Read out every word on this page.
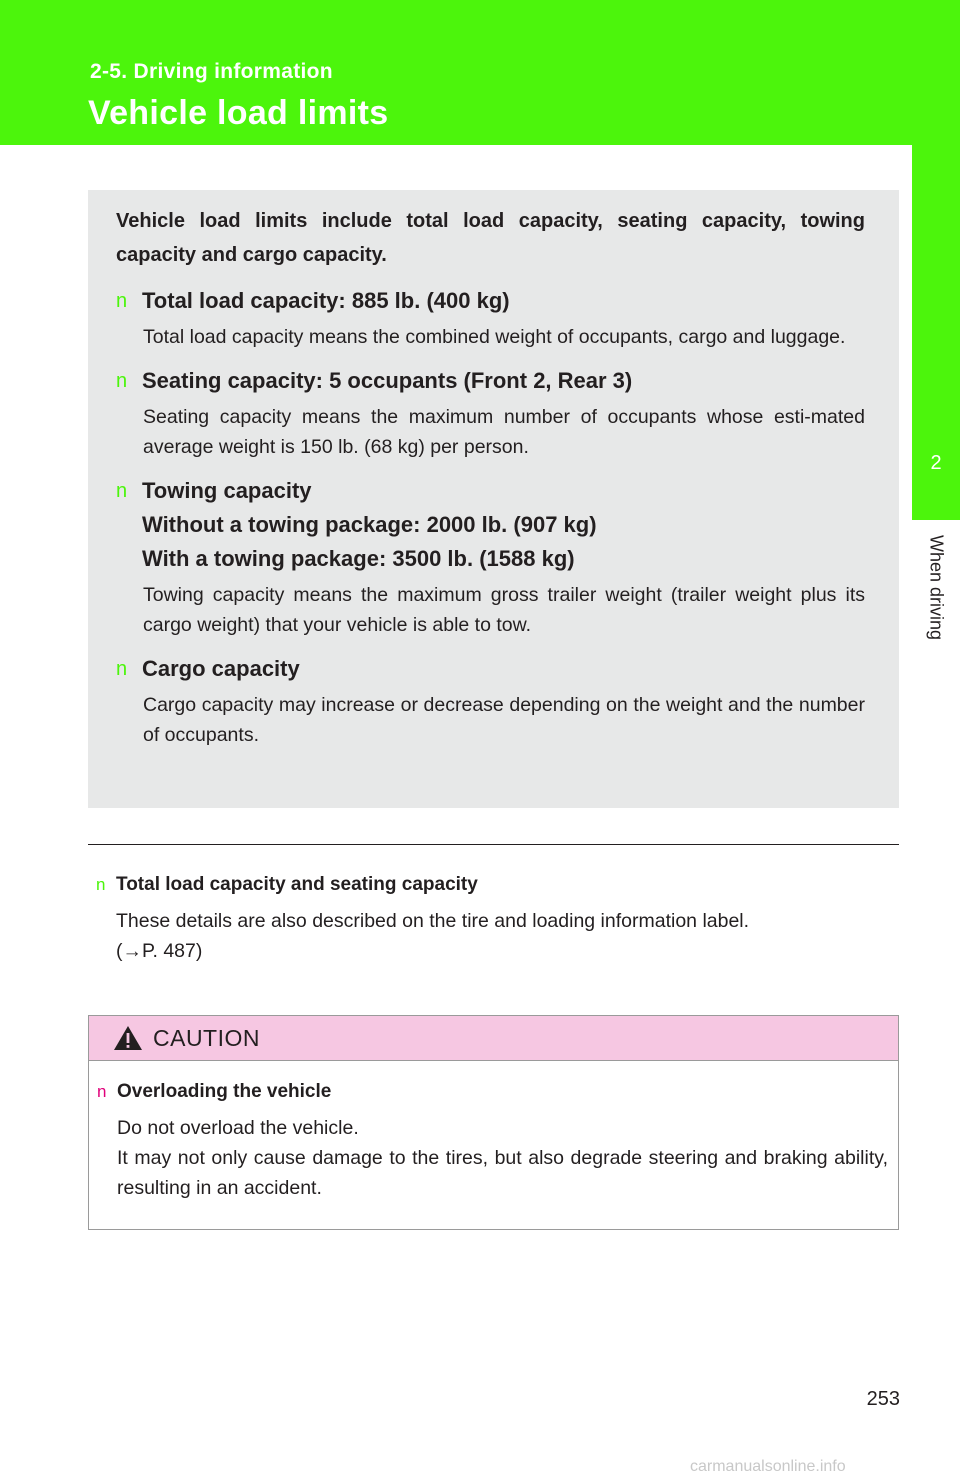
2-5. Driving information
Vehicle load limits
2
When driving

Vehicle load limits include total load capacity, seating capacity, towing capacity and cargo capacity.

n Total load capacity: 885 lb. (400 kg)

Total load capacity means the combined weight of occupants, cargo and luggage.

n Seating capacity: 5 occupants (Front 2, Rear 3)

Seating capacity means the maximum number of occupants whose esti-mated average weight is 150 lb. (68 kg) per person.

n Towing capacity
Without a towing package: 2000 lb. (907 kg)
With a towing package: 3500 lb. (1588 kg)

Towing capacity means the maximum gross trailer weight (trailer weight plus its cargo weight) that your vehicle is able to tow.

n Cargo capacity

Cargo capacity may increase or decrease depending on the weight and the number of occupants.

n Total load capacity and seating capacity
These details are also described on the tire and loading information label.
(→P. 487)
CAUTION
n Overloading the vehicle
Do not overload the vehicle.
It may not only cause damage to the tires, but also degrade steering and braking ability, resulting in an accident.
253
carmanualsonline.info
